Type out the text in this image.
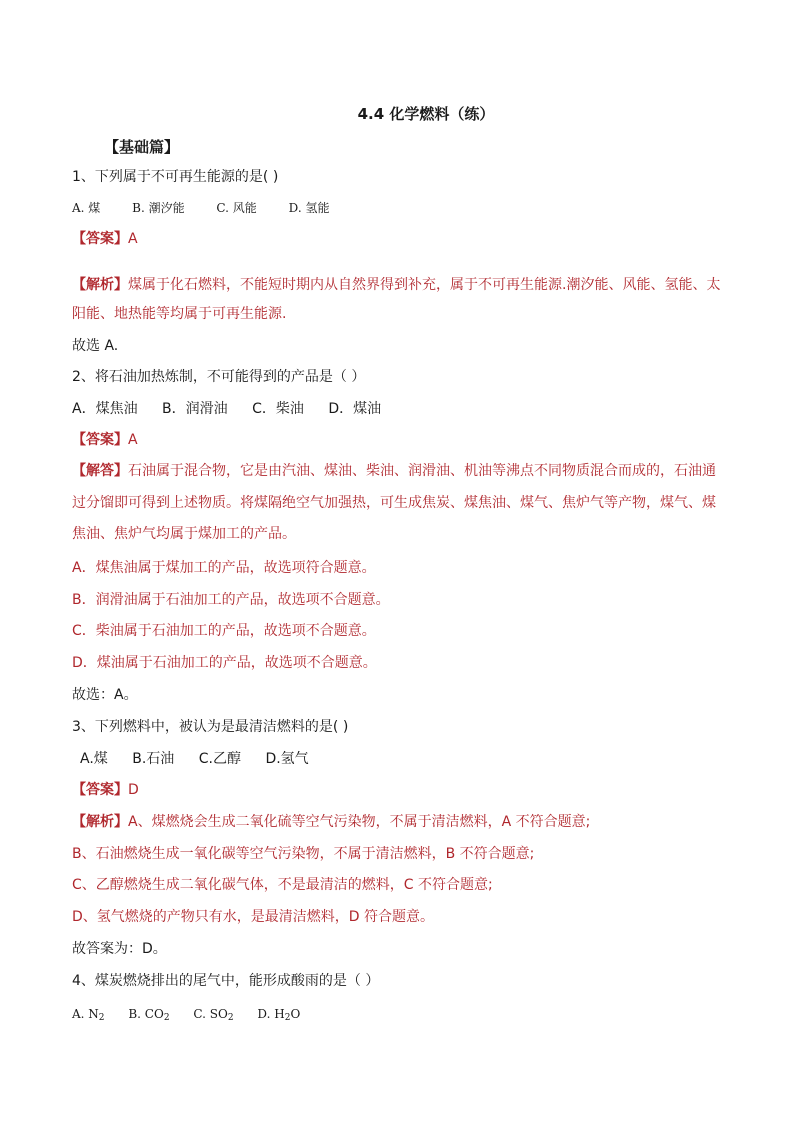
4.4 化学燃料（练）
【基础篇】
1、下列属于不可再生能源的是( )
A. 煤	B. 潮汐能	C. 风能	D. 氢能
【答案】A
【解析】煤属于化石燃料，不能短时期内从自然界得到补充，属于不可再生能源.潮汐能、风能、氢能、太
阳能、地热能等均属于可再生能源.
故选 A.
2、将石油加热炼制，不可能得到的产品是（ ）
A．煤焦油 B．润滑油 C．柴油 D．煤油
【答案】A
【解答】石油属于混合物，它是由汽油、煤油、柴油、润滑油、机油等沸点不同物质混合而成的，石油通
过分馏即可得到上述物质。将煤隔绝空气加强热，可生成焦炭、煤焦油、煤气、焦炉气等产物，煤气、煤
焦油、焦炉气均属于煤加工的产品。
A．煤焦油属于煤加工的产品，故选项符合题意。
B．润滑油属于石油加工的产品，故选项不合题意。
C．柴油属于石油加工的产品，故选项不合题意。
D．煤油属于石油加工的产品，故选项不合题意。
故选：A。
3、下列燃料中，被认为是最清洁燃料的是( )
A.煤 B.石油 C.乙醇 D.氢气
【答案】D
【解析】A、煤燃烧会生成二氧化硫等空气污染物，不属于清洁燃料，A 不符合题意;
B、石油燃烧生成一氧化碳等空气污染物，不属于清洁燃料，B 不符合题意;
C、乙醇燃烧生成二氧化碳气体，不是最清洁的燃料，C 不符合题意;
D、氢气燃烧的产物只有水，是最清洁燃料，D 符合题意。
故答案为：D。
4、煤炭燃烧排出的尾气中，能形成酸雨的是（ ）
A. $N_2$ B. $CO_2$ C. $SO_2$ D. $H_2O$
